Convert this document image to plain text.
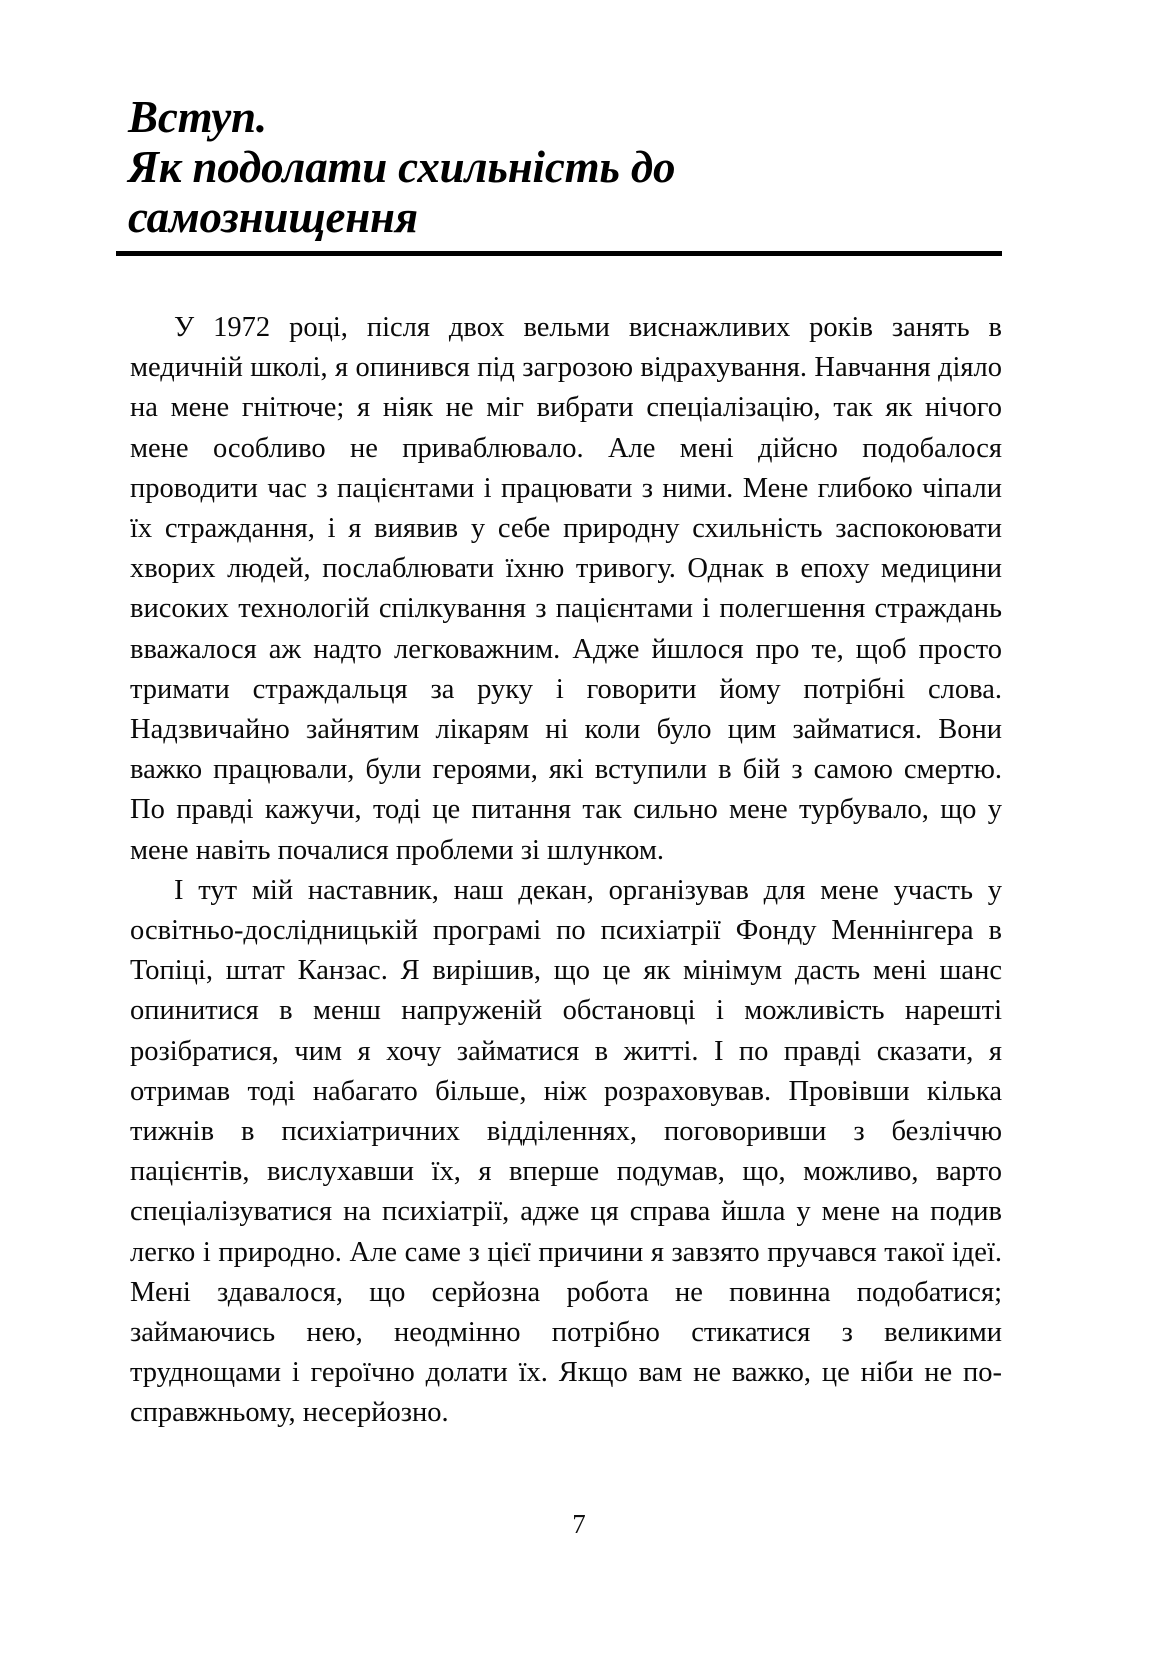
Вступ.
Як подолати схильність до
самознищення

У 1972 році, після двох вельми виснажливих років занять в медичній школі, я опинився під загрозою відрахування. Навчання діяло на мене гнітюче; я ніяк не міг вибрати спеціалізацію, так як нічого мене особливо не приваблювало. Але мені дійсно подобалося проводити час з пацієнтами і працювати з ними. Мене глибоко чіпали їх страждання, і я виявив у себе природну схильність заспокоювати хворих людей, послаблювати їхню тривогу. Однак в епоху медицини високих технологій спілкування з пацієнтами і полегшення страждань вважалося аж надто легковажним. Адже йшлося про те, щоб просто тримати страждальця за руку і говорити йому потрібні слова. Надзвичайно зайнятим лікарям ні коли було цим займатися. Вони важко працювали, були героями, які вступили в бій з самою смертю. По правді кажучи, тоді це питання так сильно мене турбувало, що у мене навіть почалися проблеми зі шлунком.

І тут мій наставник, наш декан, організував для мене участь у освітньо-дослідницькій програмі по психіатрії Фонду Меннінгера в Топіці, штат Канзас. Я вирішив, що це як мінімум дасть мені шанс опинитися в менш напруженій обстановці і можливість нарешті розібратися, чим я хочу займатися в житті. І по правді сказати, я отримав тоді набагато більше, ніж розраховував. Провівши кілька тижнів в психіатричних відділеннях, поговоривши з безліччю пацієнтів, вислухавши їх, я вперше подумав, що, можливо, варто спеціалізуватися на психіатрії, адже ця справа йшла у мене на подив легко і природно. Але саме з цієї причини я завзято пручався такої ідеї. Мені здавалося, що серйозна робота не повинна подобатися; займаючись нею, неодмінно потрібно стикатися з великими труднощами і героїчно долати їх. Якщо вам не важко, це ніби не по-справжньому, несерйозно.

7
